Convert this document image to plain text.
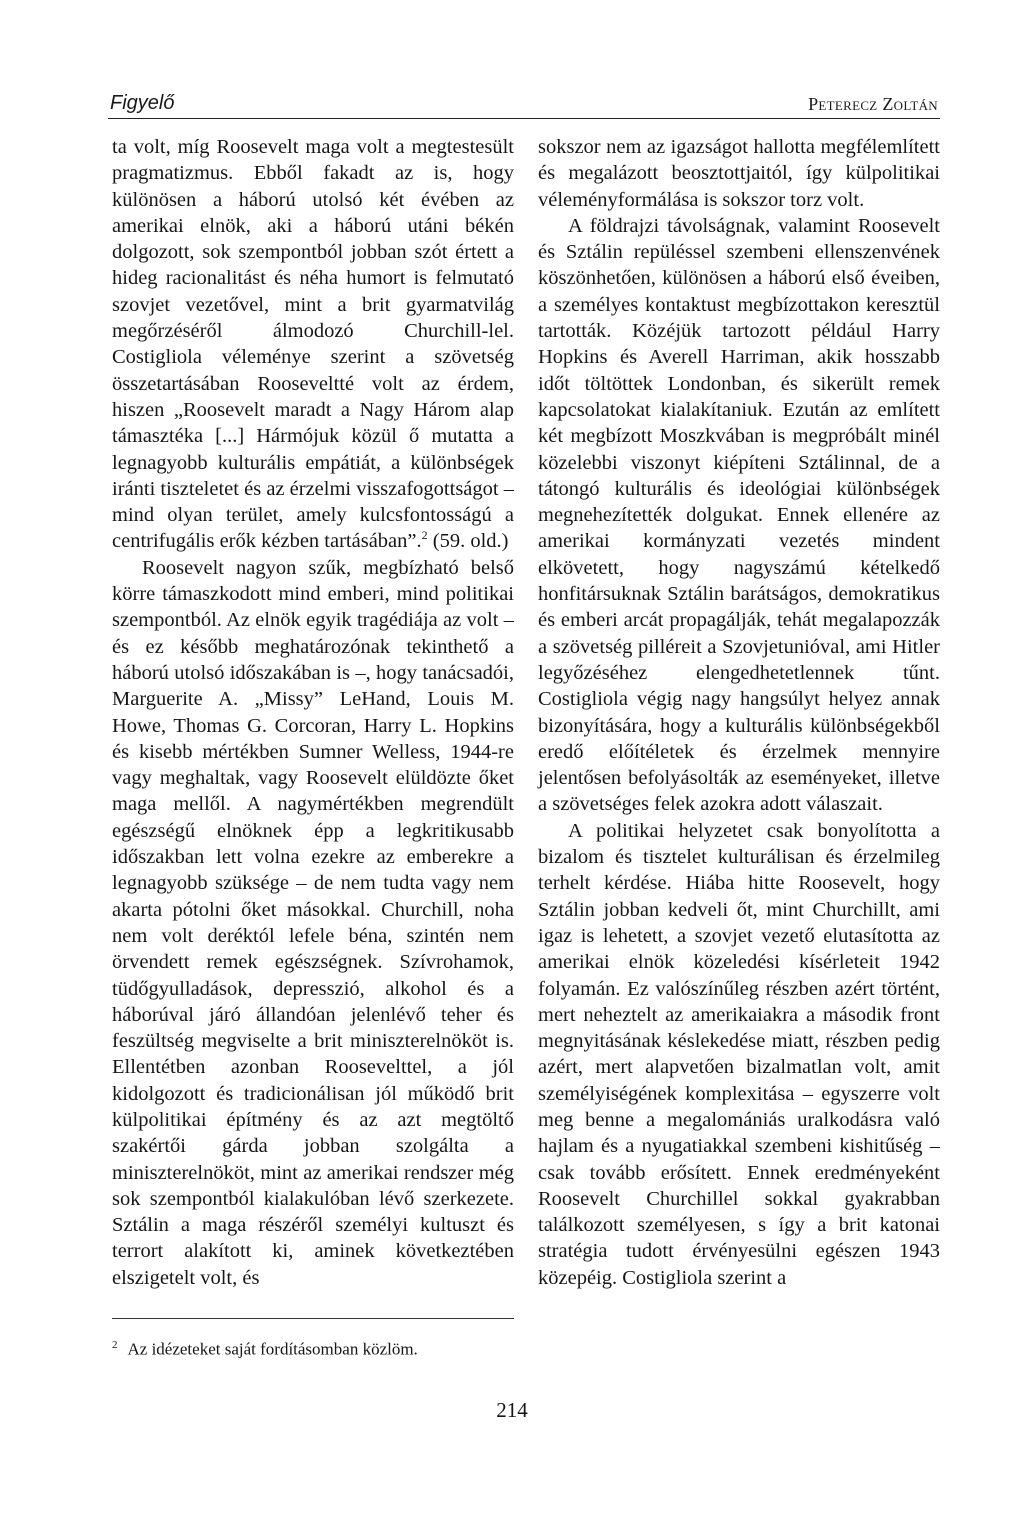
Figyelő	Peterecz Zoltán

ta volt, míg Roosevelt maga volt a megtestesült pragmatizmus. Ebből fakadt az is, hogy különösen a háború utolsó két évében az amerikai elnök, aki a háború utáni békén dolgozott, sok szempontból jobban szót értett a hideg racionalitást és néha humort is felmutató szovjet vezetővel, mint a brit gyarmatvilág megőrzéséről álmodozó Churchill-lel. Costigliola véleménye szerint a szövetség összetartásában Rooseveltté volt az érdem, hiszen „Roosevelt maradt a Nagy Három alap támasztéka [...] Hármójuk közül ő mutatta a legnagyobb kulturális empátiát, a különbségek iránti tiszteletet és az érzelmi visszafogottságot – mind olyan terület, amely kulcsfontosságú a centrifugális erők kézben tartásában”.$^2$ (59. old.)

Roosevelt nagyon szűk, megbízható belső körre támaszkodott mind emberi, mind politikai szempontból. Az elnök egyik tragédiája az volt – és ez később meghatározónak tekinthető a háború utolsó időszakában is –, hogy tanácsadói, Marguerite A. „Missy” LeHand, Louis M. Howe, Thomas G. Corcoran, Harry L. Hopkins és kisebb mértékben Sumner Welless, 1944-re vagy meghaltak, vagy Roosevelt elüldözte őket maga mellől. A nagymértékben megrendült egészségű elnöknek épp a legkritikusabb időszakban lett volna ezekre az emberekre a legnagyobb szüksége – de nem tudta vagy nem akarta pótolni őket másokkal. Churchill, noha nem volt deréktól lefele béna, szintén nem örvendett remek egészségnek. Szívrohamok, tüdőgyulladások, depresszió, alkohol és a háborúval járó állandóan jelenlévő teher és feszültség megviselte a brit miniszterelnököt is. Ellentétben azonban Roosevelttel, a jól kidolgozott és tradicionálisan jól működő brit külpolitikai építmény és az azt megtöltő szakértői gárda jobban szolgálta a miniszterelnököt, mint az amerikai rendszer még sok szempontból kialakulóban lévő szerkezete. Sztálin a maga részéről személyi kultuszt és terrort alakított ki, aminek következtében elszigetelt volt, és

$^2$ Az idézeteket saját fordításomban közlöm.

sokszor nem az igazságot hallotta megfélemlített és megalázott beosztottjaitól, így külpolitikai véleményformálása is sokszor torz volt.

A földrajzi távolságnak, valamint Roosevelt és Sztálin repüléssel szembeni ellenszenvének köszönhetően, különösen a háború első éveiben, a személyes kontaktust megbízottakon keresztül tartották. Közéjük tartozott például Harry Hopkins és Averell Harriman, akik hosszabb időt töltöttek Londonban, és sikerült remek kapcsolatokat kialakítaniuk. Ezután az említett két megbízott Moszkvában is megpróbált minél közelebbi viszonyt kiépíteni Sztálinnal, de a tátongó kulturális és ideológiai különbségek megnehezítették dolgukat. Ennek ellenére az amerikai kormányzati vezetés mindent elkövetett, hogy nagyszámú kételkedő honfitársuknak Sztálin barátságos, demokratikus és emberi arcát propagálják, tehát megalapozzák a szövetség pilléreit a Szovjetunióval, ami Hitler legyőzéséhez elengedhetetlennek tűnt. Costigliola végig nagy hangsúlyt helyez annak bizonyítására, hogy a kulturális különbségekből eredő előítéletek és érzelmek mennyire jelentősen befolyásolták az eseményeket, illetve a szövetséges felek azokra adott válaszait.

A politikai helyzetet csak bonyolította a bizalom és tisztelet kulturálisan és érzelmileg terhelt kérdése. Hiába hitte Roosevelt, hogy Sztálin jobban kedveli őt, mint Churchillt, ami igaz is lehetett, a szovjet vezető elutasította az amerikai elnök közeledési kísérleteit 1942 folyamán. Ez valószínűleg részben azért történt, mert neheztelt az amerikaiakra a második front megnyitásának késlekedése miatt, részben pedig azért, mert alapvetően bizalmatlan volt, amit személyiségének komplexitása – egyszerre volt meg benne a megalomániás uralkodásra való hajlam és a nyugatiakkal szembeni kishitűség – csak tovább erősített. Ennek eredményeként Roosevelt Churchillel sokkal gyakrabban találkozott személyesen, s így a brit katonai stratégia tudott érvényesülni egészen 1943 közepéig. Costigliola szerint a

214
